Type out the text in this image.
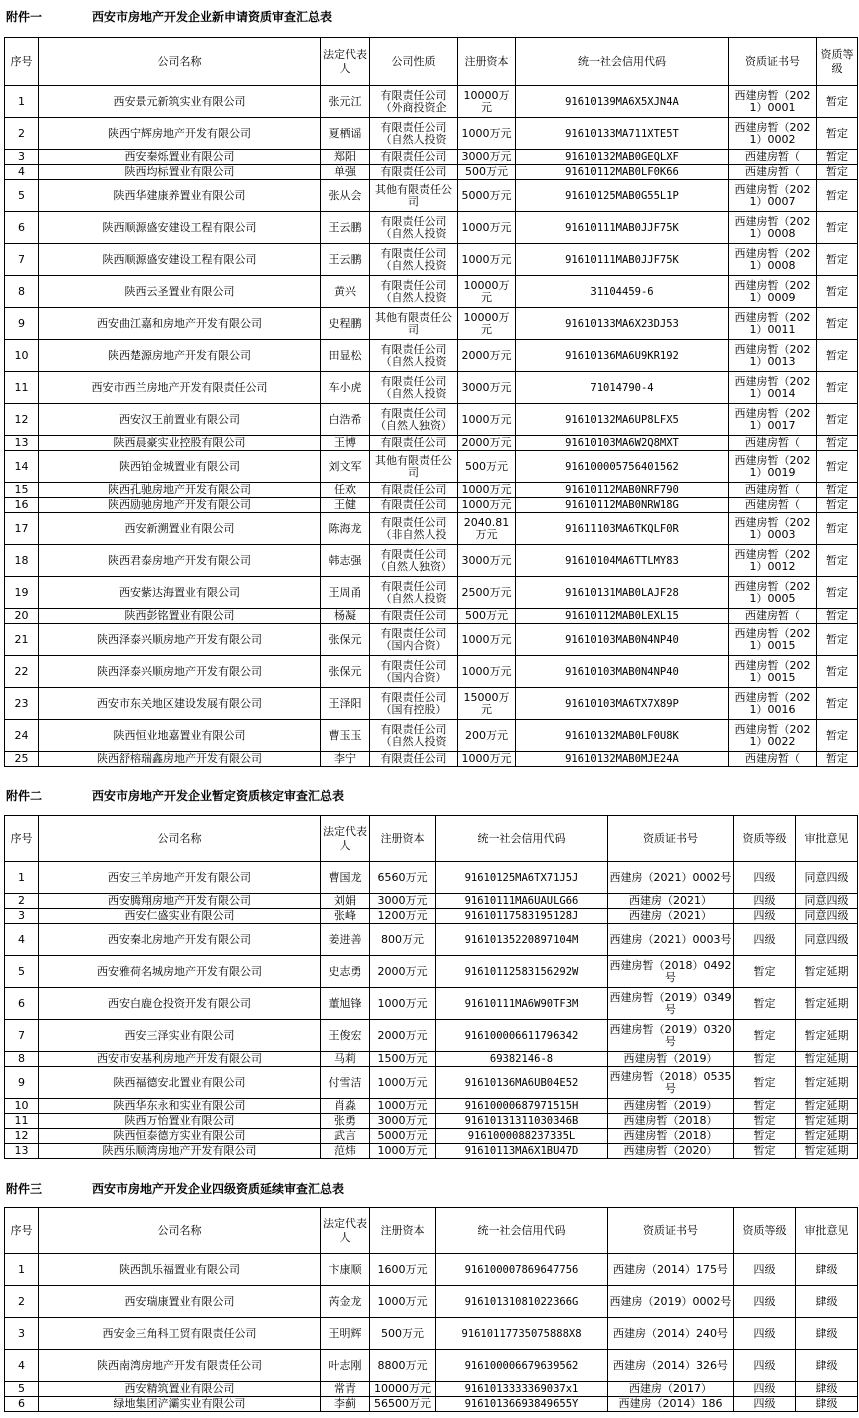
附件一	西安市房地产开发企业新申请资质审查汇总表
序号	公司名称	法定代表人	公司性质	注册资本	统一社会信用代码	资质证书号	资质等级
1	西安景元新筑实业有限公司	张元江	有限责任公司（外商投资企	10000万元	91610139MA6X5XJN4A	西建房暂（2021）0001	暂定
2	陕西宁辉房地产开发有限公司	夏栖谣	有限责任公司（自然人投资	1000万元	91610133MA711XTE5T	西建房暂（2021）0002	暂定
3	西安秦烁置业有限公司	郑阳	有限责任公司	3000万元	91610132MAB0GEQLXF	西建房暂（	暂定
4	陕西均标置业有限公司	单强	有限责任公司	500万元	91610112MAB0LF0K66	西建房暂（	暂定
5	陕西华建康养置业有限公司	张从会	其他有限责任公司	5000万元	91610125MAB0G55L1P	西建房暂（2021）0007	暂定
6	陕西顺源盛安建设工程有限公司	王云鹏	有限责任公司（自然人投资	1000万元	91610111MAB0JJF75K	西建房暂（2021）0008	暂定
7	陕西顺源盛安建设工程有限公司	王云鹏	有限责任公司（自然人投资	1000万元	91610111MAB0JJF75K	西建房暂（2021）0008	暂定
8	陕西云圣置业有限公司	黄兴	有限责任公司（自然人投资	10000万元	31104459-6	西建房暂（2021）0009	暂定
9	西安曲江嘉和房地产开发有限公司	史程鹏	其他有限责任公司	10000万元	91610133MA6X23DJ53	西建房暂（2021）0011	暂定
10	陕西楚源房地产开发有限公司	田显松	有限责任公司（自然人投资	2000万元	91610136MA6U9KR192	西建房暂（2021）0013	暂定
11	西安市西兰房地产开发有限责任公司	车小虎	有限责任公司（自然人投资	3000万元	71014790-4	西建房暂（2021）0014	暂定
12	西安汉王前置业有限公司	白浩希	有限责任公司（自然人独资）	1000万元	91610132MA6UP8LFX5	西建房暂（2021）0017	暂定
13	陕西晨豪实业控股有限公司	王博	有限责任公司	2000万元	91610103MA6W2Q8MXT	西建房暂（	暂定
14	陕西铂金城置业有限公司	刘文军	其他有限责任公司	500万元	916100005756401562	西建房暂（2021）0019	暂定
15	陕西孔驰房地产开发有限公司	任欢	有限责任公司	1000万元	91610112MAB0NRF790	西建房暂（	暂定
16	陕西励驰房地产开发有限公司	王健	有限责任公司	1000万元	91610112MAB0NRW18G	西建房暂（	暂定
17	西安新溯置业有限公司	陈海龙	有限责任公司（非自然人投	2040.81万元	91611103MA6TKQLF0R	西建房暂（2021）0003	暂定
18	陕西君泰房地产开发有限公司	韩志强	有限责任公司（自然人独资）	3000万元	91610104MA6TTLMY83	西建房暂（2021）0012	暂定
19	西安紫达海置业有限公司	王周甬	有限责任公司（自然人投资	2500万元	91610131MAB0LAJF28	西建房暂（2021）0005	暂定
20	陕西彭铭置业有限公司	杨凝	有限责任公司	500万元	91610112MAB0LEXL15	西建房暂（	暂定
21	陕西泽泰兴顺房地产开发有限公司	张保元	有限责任公司（国内合资）	1000万元	91610103MAB0N4NP40	西建房暂（2021）0015	暂定
22	陕西泽泰兴顺房地产开发有限公司	张保元	有限责任公司（国内合资）	1000万元	91610103MAB0N4NP40	西建房暂（2021）0015	暂定
23	西安市东关地区建设发展有限公司	王泽阳	有限责任公司（国有控股）	15000万元	91610103MA6TX7X89P	西建房暂（2021）0016	暂定
24	陕西恒业地嘉置业有限公司	曹玉玉	有限责任公司（自然人投资	200万元	91610132MAB0LF0U8K	西建房暂（2021）0022	暂定
25	陕西舒榕瑞鑫房地产开发有限公司	李宁	有限责任公司	1000万元	91610132MAB0MJE24A	西建房暂（	暂定
附件二	西安市房地产开发企业暂定资质核定审查汇总表
序号	公司名称	法定代表人	注册资本	统一社会信用代码	资质证书号	资质等级	审批意见
1	西安三羊房地产开发有限公司	曹国龙	6560万元	91610125MA6TX71J5J	西建房（2021）0002号	四级	同意四级
2	西安腾翔房地产开发有限公司	刘娟	3000万元	91610111MA6UAULG66	西建房（2021）	四级	同意四级
3	西安仁盛实业有限公司	张峰	1200万元	91610117583195128J	西建房（2021）	四级	同意四级
4	西安秦北房地产开发有限公司	姜进善	800万元	9161013522089710​4M	西建房（2021）0003号	四级	同意四级
5	西安雅荷名城房地产开发有限公司	史志勇	2000万元	91610112583156292W	西建房暂（2018）0492号	暂定	暂定延期
6	西安白鹿仓投资开发有限公司	董旭锋	1000万元	91610111MA6W90TF3M	西建房暂（2019）0349号	暂定	暂定延期
7	西安三泽实业有限公司	王俊宏	2000万元	916100006611796342	西建房暂（2019）0320号	暂定	暂定延期
8	西安市安基利房地产开发有限公司	马莉	1500万元	69382146-8	西建房暂（2019）	暂定	暂定延期
9	陕西福德安北置业有限公司	付雪洁	1000万元	91610136MA6UB04E52	西建房暂（2018）0535号	暂定	暂定延期
10	陕西华东永和实业有限公司	肖淼	1000万元	91610000687971515H	西建房暂（2019）	暂定	暂定延期
11	陕西万怡置业有限公司	张勇	3000万元	9161013131103034​6B	西建房暂（2018）	暂定	暂定延期
12	陕西恒泰德方实业有限公司	武言	5000万元	91610000882373​35L	西建房暂（2018）	暂定	暂定延期
13	陕西乐顺湾房地产开发有限公司	范炜	1000万元	91610113MA6X1BU47D	西建房暂（2020）	暂定	暂定延期
附件三	西安市房地产开发企业四级资质延续审查汇总表
序号	公司名称	法定代表人	注册资本	统一社会信用代码	资质证书号	资质等级	审批意见
1	陕西凯乐福置业有限公司	卞康顺	1600万元	916100007869647756	西建房（2014）175号	四级	肆级
2	西安瑞康置业有限公司	芮金龙	1000万元	91610131081022366G	西建房（2019）0002号	四级	肆级
3	西安金三角科工贸有限责任公司	王明辉	500万元	91610117735075888X8	西建房（2014）240号	四级	肆级
4	陕西南湾房地产开发有限责任公司	叶志刚	8800万元	916100006679639562	西建房（2014）326号	四级	肆级
5	西安精筑置业有限公司	常青	10000万元	91610133333690​37x1	西建房（2017）	四级	肆级
6	绿地集团浐灞实业有限公司	李蓟	56500万元	91610136693849655Y	西建房（2014）186	四级	肆级
